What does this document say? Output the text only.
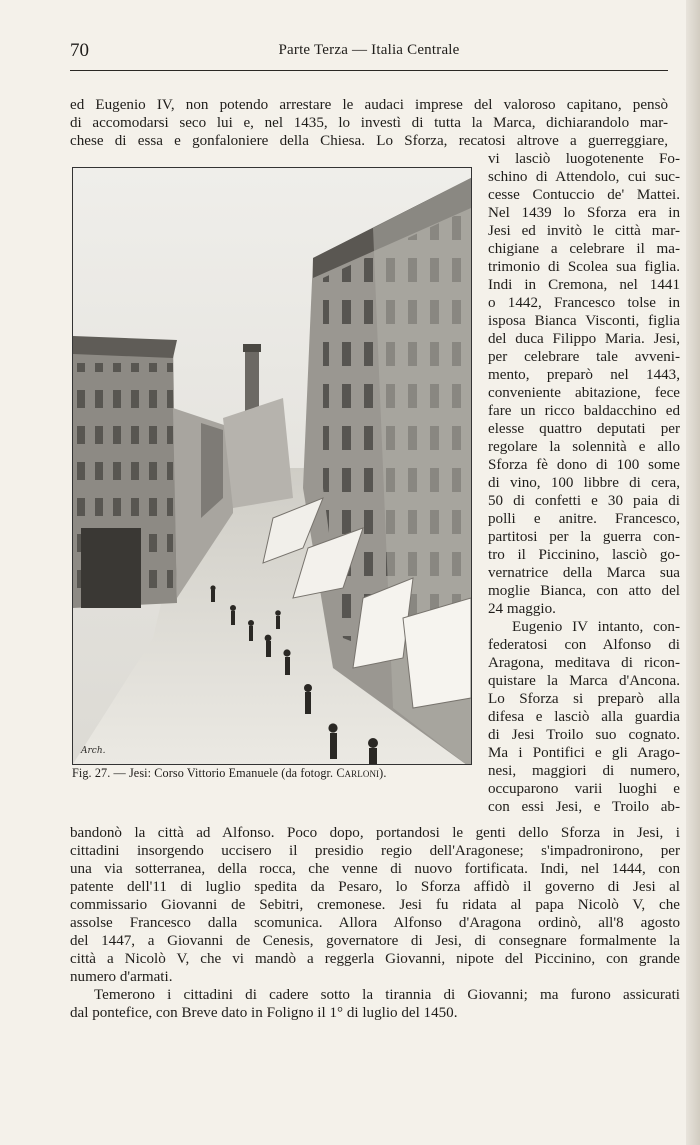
70	Parte Terza — Italia Centrale
ed Eugenio IV, non potendo arrestare le audaci imprese del valoroso capitano, pensò
di accomodarsi seco lui e, nel 1435, lo investì di tutta la Marca, dichiarandolo mar-
chese di essa e gonfaloniere della Chiesa. Lo Sforza, recatosi altrove a guerreggiare,
Arch.
Fig. 27. — Jesi: Corso Vittorio Emanuele (da fotogr. Carloni).
vi lasciò luogotenente Fo-
schino di Attendolo, cui suc-
cesse Contuccio de' Mattei.
Nel 1439 lo Sforza era in
Jesi ed invitò le città mar-
chigiane a celebrare il ma-
trimonio di Scolea sua figlia.
Indi in Cremona, nel 1441
o 1442, Francesco tolse in
isposa Bianca Visconti, figlia
del duca Filippo Maria. Jesi,
per celebrare tale avveni-
mento, preparò nel 1443,
conveniente abitazione, fece
fare un ricco baldacchino ed
elesse quattro deputati per
regolare la solennità e allo
Sforza fè dono di 100 some
di vino, 100 libbre di cera,
50 di confetti e 30 paia di
polli e anitre. Francesco,
partitosi per la guerra con-
tro il Piccinino, lasciò go-
vernatrice della Marca sua
moglie Bianca, con atto del
24 maggio.
Eugenio IV intanto, con-
federatosi con Alfonso di
Aragona, meditava di ricon-
quistare la Marca d'Ancona.
Lo Sforza si preparò alla
difesa e lasciò alla guardia
di Jesi Troilo suo cognato.
Ma i Pontifici e gli Arago-
nesi, maggiori di numero,
occuparono varii luoghi e
con essi Jesi, e Troilo ab-
bandonò la città ad Alfonso. Poco dopo, portandosi le genti dello Sforza in Jesi, i
cittadini insorgendo uccisero il presidio regio dell'Aragonese; s'impadronirono, per
una via sotterranea, della rocca, che venne di nuovo fortificata. Indi, nel 1444, con
patente dell'11 di luglio spedita da Pesaro, lo Sforza affidò il governo di Jesi al
commissario Giovanni de Sebitri, cremonese. Jesi fu ridata al papa Nicolò V, che
assolse Francesco dalla scomunica. Allora Alfonso d'Aragona ordinò, all'8 agosto
del 1447, a Giovanni de Cenesis, governatore di Jesi, di consegnare formalmente la
città a Nicolò V, che vi mandò a reggerla Giovanni, nipote del Piccinino, con grande
numero d'armati.
Temerono i cittadini di cadere sotto la tirannia di Giovanni; ma furono assicurati
dal pontefice, con Breve dato in Foligno il 1° di luglio del 1450.
